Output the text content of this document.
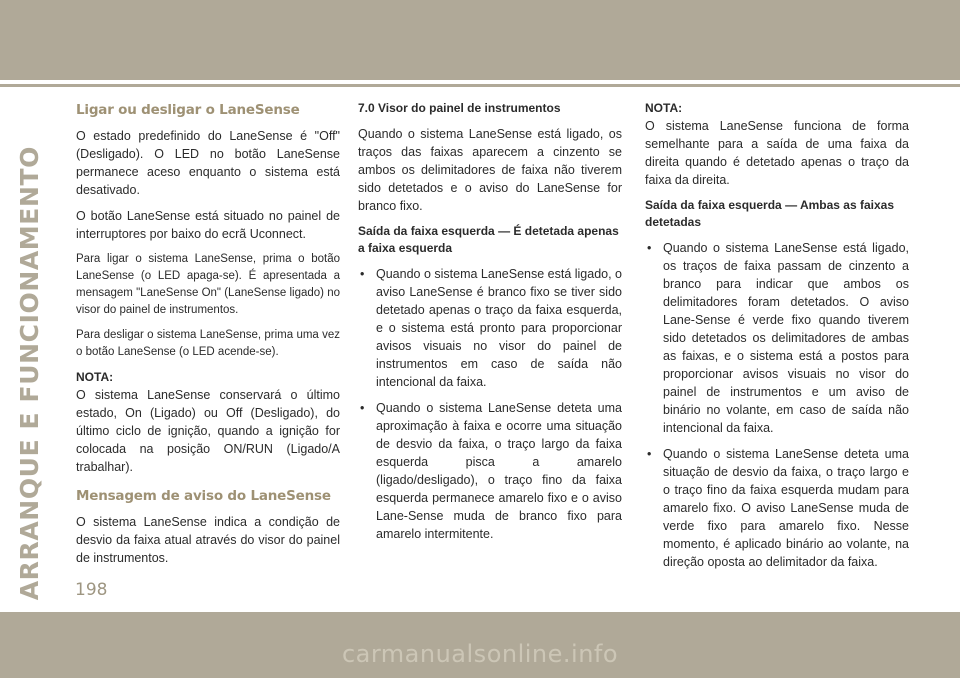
ARRANQUE E FUNCIONAMENTO
Ligar ou desligar o LaneSense

O estado predefinido do LaneSense é "Off" (Desligado). O LED no botão LaneSense permanece aceso enquanto o sistema está desativado.

O botão LaneSense está situado no painel de interruptores por baixo do ecrã Uconnect.

Para ligar o sistema LaneSense, prima o botão LaneSense (o LED apaga-se). É apresentada a mensagem "LaneSense On" (LaneSense ligado) no visor do painel de instrumentos.

Para desligar o sistema LaneSense, prima uma vez o botão LaneSense (o LED acende-se).

NOTA:

O sistema LaneSense conservará o último estado, On (Ligado) ou Off (Desligado), do último ciclo de ignição, quando a ignição for colocada na posição ON/RUN (Ligado/A trabalhar).

Mensagem de aviso do LaneSense

O sistema LaneSense indica a condição de desvio da faixa atual através do visor do painel de instrumentos.

7.0 Visor do painel de instrumentos

Quando o sistema LaneSense está ligado, os traços das faixas aparecem a cinzento se ambos os delimitadores de faixa não tiverem sido detetados e o aviso do LaneSense for branco fixo.

Saída da faixa esquerda — É detetada apenas a faixa esquerda
• Quando o sistema LaneSense está ligado, o aviso LaneSense é branco fixo se tiver sido detetado apenas o traço da faixa esquerda, e o sistema está pronto para proporcionar avisos visuais no visor do painel de instrumentos em caso de saída não intencional da faixa.
• Quando o sistema LaneSense deteta uma aproximação à faixa e ocorre uma situação de desvio da faixa, o traço largo da faixa esquerda pisca a amarelo (ligado/desligado), o traço fino da faixa esquerda permanece amarelo fixo e o aviso Lane-Sense muda de branco fixo para amarelo intermitente.
NOTA:

O sistema LaneSense funciona de forma semelhante para a saída de uma faixa da direita quando é detetado apenas o traço da faixa da direita.

Saída da faixa esquerda — Ambas as faixas detetadas
• Quando o sistema LaneSense está ligado, os traços de faixa passam de cinzento a branco para indicar que ambos os delimitadores foram detetados. O aviso Lane-Sense é verde fixo quando tiverem sido detetados os delimitadores de ambas as faixas, e o sistema está a postos para proporcionar avisos visuais no visor do painel de instrumentos e um aviso de binário no volante, em caso de saída não intencional da faixa.
• Quando o sistema LaneSense deteta uma situação de desvio da faixa, o traço largo e o traço fino da faixa esquerda mudam para amarelo fixo. O aviso LaneSense muda de verde fixo para amarelo fixo. Nesse momento, é aplicado binário ao volante, na direção oposta ao delimitador da faixa.
198
carmanualsonline.info
